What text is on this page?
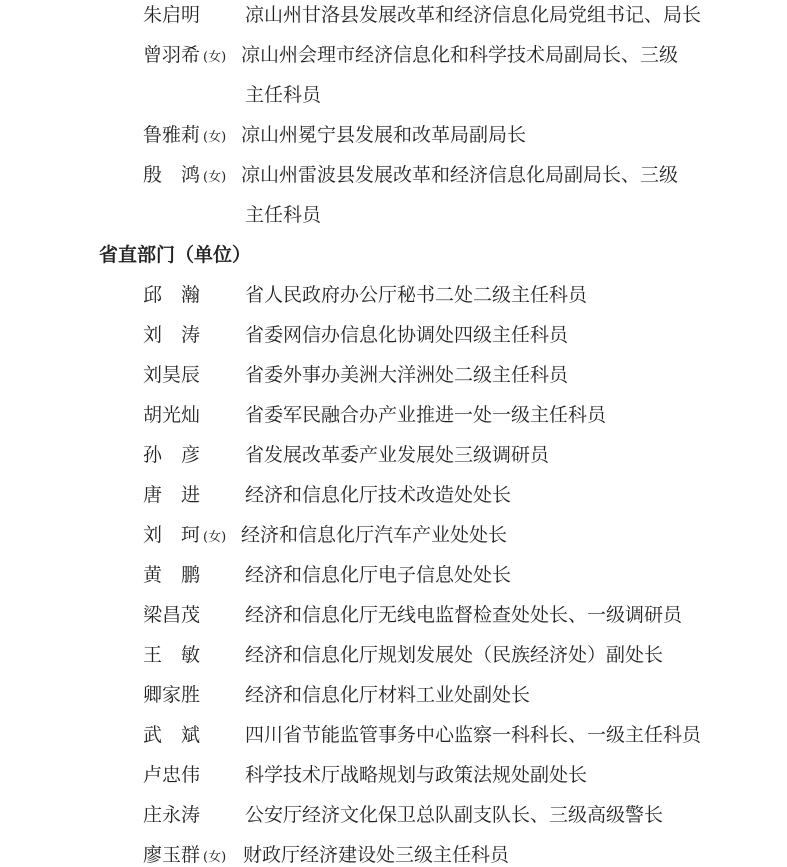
朱启明 凉山州甘洛县发展改革和经济信息化局党组书记、局长
曾羽希 (女) 凉山州会理市经济信息化和科学技术局副局长、三级
主任科员
鲁雅莉 (女) 凉山州冕宁县发展和改革局副局长
殷　鸿 (女) 凉山州雷波县发展改革和经济信息化局副局长、三级
主任科员
省直部门（单位）
邱　瀚 省人民政府办公厅秘书二处二级主任科员
刘　涛 省委网信办信息化协调处四级主任科员
刘昊辰 省委外事办美洲大洋洲处二级主任科员
胡光灿 省委军民融合办产业推进一处一级主任科员
孙　彦 省发展改革委产业发展处三级调研员
唐　进 经济和信息化厅技术改造处处长
刘　珂 (女) 经济和信息化厅汽车产业处处长
黄　鹏 经济和信息化厅电子信息处处长
梁昌茂 经济和信息化厅无线电监督检查处处长、一级调研员
王　敏 经济和信息化厅规划发展处（民族经济处）副处长
卿家胜 经济和信息化厅材料工业处副处长
武　斌 四川省节能监管事务中心监察一科科长、一级主任科员
卢忠伟 科学技术厅战略规划与政策法规处副处长
庄永涛 公安厅经济文化保卫总队副支队长、三级高级警长
廖玉群 (女) 财政厅经济建设处三级主任科员
